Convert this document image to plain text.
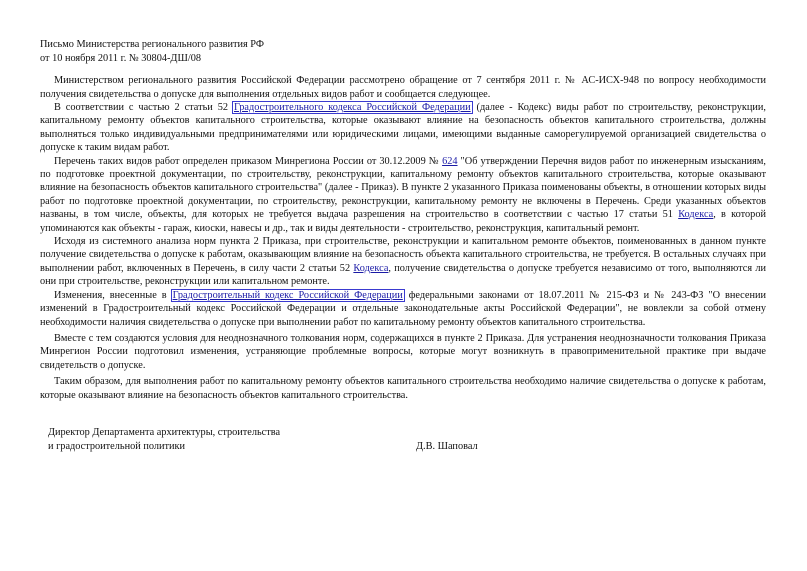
Письмо Министерства регионального развития РФ

от 10 ноября 2011 г. № 30804-ДШ/08

Министерством регионального развития Российской Федерации рассмотрено обращение от 7 сентября 2011 г. № АС-ИСХ-948 по вопросу необходимости получения свидетельства о допуске для выполнения отдельных видов работ и сообщается следующее.

В соответствии с частью 2 статьи 52 Градостроительного кодекса Российской Федерации (далее - Кодекс) виды работ по строительству, реконструкции, капитальному ремонту объектов капитального строительства, которые оказывают влияние на безопасность объектов капитального строительства, должны выполняться только индивидуальными предпринимателями или юридическими лицами, имеющими выданные саморегулируемой организацией свидетельства о допуске к таким видам работ.

Перечень таких видов работ определен приказом Минрегиона России от 30.12.2009 № 624 "Об утверждении Перечня видов работ по инженерным изысканиям, по подготовке проектной документации, по строительству, реконструкции, капитальному ремонту объектов капитального строительства, которые оказывают влияние на безопасность объектов капитального строительства" (далее - Приказ). В пункте 2 указанного Приказа поименованы объекты, в отношении которых виды работ по подготовке проектной документации, по строительству, реконструкции, капитальному ремонту не включены в Перечень. Среди указанных объектов названы, в том числе, объекты, для которых не требуется выдача разрешения на строительство в соответствии с частью 17 статьи 51 Кодекса, в которой упоминаются как объекты - гараж, киоски, навесы и др., так и виды деятельности - строительство, реконструкция, капитальный ремонт.

Исходя из системного анализа норм пункта 2 Приказа, при строительстве, реконструкции и капитальном ремонте объектов, поименованных в данном пункте получение свидетельства о допуске к работам, оказывающим влияние на безопасность объекта капитального строительства, не требуется. В остальных случаях при выполнении работ, включенных в Перечень, в силу части 2 статьи 52 Кодекса, получение свидетельства о допуске требуется независимо от того, выполняются ли они при строительстве, реконструкции или капитальном ремонте.

Изменения, внесенные в Градостроительный кодекс Российской Федерации федеральными законами от 18.07.2011 № 215-ФЗ и № 243-ФЗ "О внесении изменений в Градостроительный кодекс Российской Федерации и отдельные законодательные акты Российской Федерации", не вовлекли за собой отмену необходимости наличия свидетельства о допуске при выполнении работ по капитальному ремонту объектов капитального строительства.

Вместе с тем создаются условия для неоднозначного толкования норм, содержащихся в пункте 2 Приказа. Для устранения неоднозначности толкования Приказа Минрегион России подготовил изменения, устраняющие проблемные вопросы, которые могут возникнуть в правоприменительной практике при выдаче свидетельств о допуске.

Таким образом, для выполнения работ по капитальному ремонту объектов капитального строительства необходимо наличие свидетельства о допуске к работам, которые оказывают влияние на безопасность объектов капитального строительства.

Директор Департамента архитектуры, строительства
и градостроительной политики	Д.В. Шаповал
